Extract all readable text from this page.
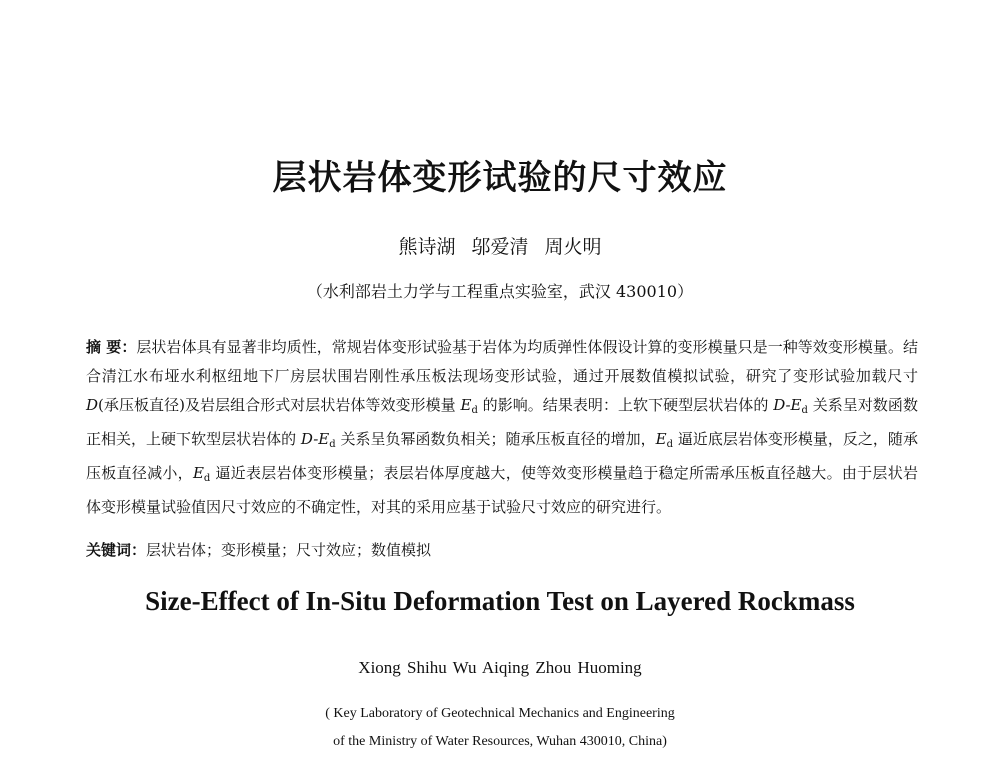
层状岩体变形试验的尺寸效应
熊诗湖 邬爱清 周火明
（水利部岩土力学与工程重点实验室，武汉 430010）
摘 要：层状岩体具有显著非均质性，常规岩体变形试验基于岩体为均质弹性体假设计算的变形模量只是一种等效变形模量。结合清江水布垭水利枢纽地下厂房层状围岩刚性承压板法现场变形试验，通过开展数值模拟试验，研究了变形试验加载尺寸 D(承压板直径)及岩层组合形式对层状岩体等效变形模量 $E_d$ 的影响。结果表明：上软下硬型层状岩体的 $D-E_d$ 关系呈对数函数正相关，上硬下软型层状岩体的 $D-E_d$ 关系呈负幂函数负相关；随承压板直径的增加，$E_d$ 逼近底层岩体变形模量，反之，随承压板直径减小，$E_d$ 逼近表层岩体变形模量；表层岩体厚度越大，使等效变形模量趋于稳定所需承压板直径越大。由于层状岩体变形模量试验值因尺寸效应的不确定性，对其的采用应基于试验尺寸效应的研究进行。
关键词：层状岩体；变形模量；尺寸效应；数值模拟
Size-Effect of In-Situ Deformation Test on Layered Rockmass
Xiong Shihu Wu Aiqing Zhou Huoming
( Key Laboratory of Geotechnical Mechanics and Engineering
of the Ministry of Water Resources, Wuhan 430010, China)
